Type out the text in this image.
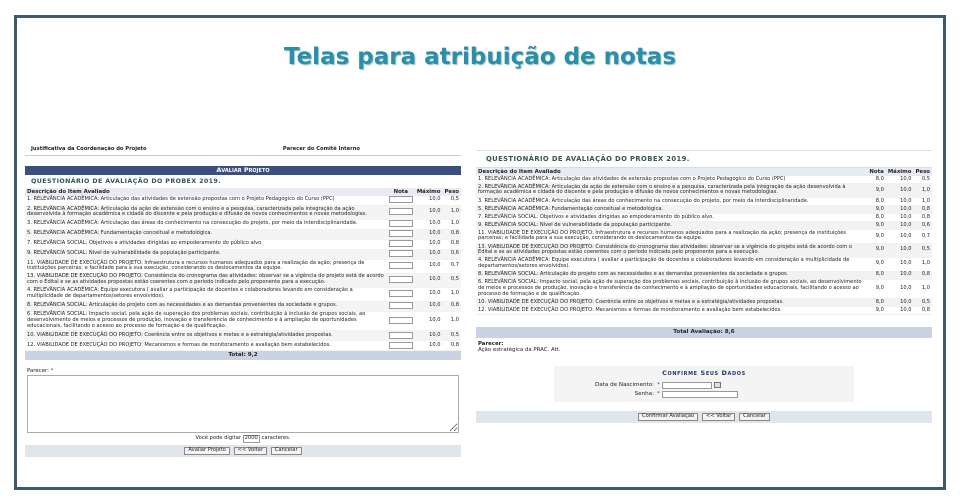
Telas para atribuição de notas
Justificativa da Coordenação do Projeto	Parecer do Comitê Interno
Avaliar Projeto
QUESTIONÁRIO DE AVALIAÇÃO DO PROBEX 2019.
Descrição do Item Avaliado	Nota	Máximo	Peso
1. RELEVÂNCIA ACADÊMICA: Articulação das atividades de extensão propostas com o Projeto Pedagógico do Curso (PPC)		10,0	0,5
2. RELEVÂNCIA ACADÊMICA: Articulação da ação de extensão com o ensino e a pesquisa, caracterizada pela integração da ação desenvolvida à formação acadêmica e cidadã do discente e pela produção e difusão de novos conhecimentos e novas metodologias.		10,0	1,0
3. RELEVÂNCIA ACADÊMICA: Articulação das áreas do conhecimento na consecução do projeto, por meio da interdisciplinaridade.		10,0	1,0
5. RELEVÂNCIA ACADÊMICA: Fundamentação conceitual e metodológica.		10,0	0,8
7. RELEVÂNCIA SOCIAL: Objetivos e atividades dirigidas ao empoderamento do público alvo.		10,0	0,8
9. RELEVÂNCIA SOCIAL: Nível de vulnerabilidade da população participante.		10,0	0,6
11. VIABILIDADE DE EXECUÇÃO DO PROJETO: Infraestrutura e recursos humanos adequados para a realização da ação; presença de instituições parceiras; e facilidade para a sua execução, considerando os deslocamentos da equipe.		10,0	0,7
13. VIABILIDADE DE EXECUÇÃO DO PROJETO: Consistência do cronograma das atividades: observar se a vigência do projeto está de acordo com o Edital e se as atividades propostas estão coerentes com o período indicado pelo proponente para a execução.		10,0	0,5
4. RELEVÂNCIA ACADÊMICA: Equipe executora ( avaliar a participação de docentes e colaboradores levando em consideração a multiplicidade de departamentos/setores envolvidos).		10,0	1,0
8. RELEVÂNCIA SOCIAL: Articulação do projeto com as necessidades e as demandas provenientes da sociedade e grupos.		10,0	0,8
6. RELEVÂNCIA SOCIAL: Impacto social, pela ação de superação dos problemas sociais, contribuição à inclusão de grupos sociais, ao desenvolvimento de meios e processos de produção, inovação e transferência de conhecimento e à ampliação de oportunidades educacionais, facilitando o acesso ao processo de formação e de qualificação.		10,0	1,0
10. VIABILIDADE DE EXECUÇÃO DO PROJETO: Coerência entre os objetivos e metas e a estratégia/atividades propostas.		10,0	0,5
12. VIABILIDADE DE EXECUÇÃO DO PROJETO: Mecanismos e formas de monitoramento e avaliação bem estabelecidos.		10,0	0,8
Total: 9,2
Parecer: *
Você pode digitar 2000 caracteres.
Avaliar Projeto << Voltar Cancelar
QUESTIONÁRIO DE AVALIAÇÃO DO PROBEX 2019.
Descrição do Item Avaliado	Nota	Máximo	Peso
1. RELEVÂNCIA ACADÊMICA: Articulação das atividades de extensão propostas com o Projeto Pedagógico do Curso (PPC)	8,0	10,0	0,5
2. RELEVÂNCIA ACADÊMICA: Articulação da ação de extensão com o ensino e a pesquisa, caracterizada pela integração da ação desenvolvida à formação acadêmica e cidadã do discente e pela produção e difusão de novos conhecimentos e novas metodologias.	9,0	10,0	1,0
3. RELEVÂNCIA ACADÊMICA: Articulação das áreas do conhecimento na consecução do projeto, por meio da interdisciplinaridade.	8,0	10,0	1,0
5. RELEVÂNCIA ACADÊMICA: Fundamentação conceitual e metodológica.	9,0	10,0	0,8
7. RELEVÂNCIA SOCIAL: Objetivos e atividades dirigidas ao empoderamento do público alvo.	8,0	10,0	0,8
9. RELEVÂNCIA SOCIAL: Nível de vulnerabilidade da população participante.	9,0	10,0	0,6
11. VIABILIDADE DE EXECUÇÃO DO PROJETO: Infraestrutura e recursos humanos adequados para a realização da ação; presença de instituições parceiras; e facilidade para a sua execução, considerando os deslocamentos da equipe.	9,0	10,0	0,7
13. VIABILIDADE DE EXECUÇÃO DO PROJETO: Consistência do cronograma das atividades: observar se a vigência do projeto está de acordo com o Edital e se as atividades propostas estão coerentes com o período indicado pelo proponente para a execução.	9,0	10,0	0,5
4. RELEVÂNCIA ACADÊMICA: Equipe executora ( avaliar a participação de docentes e colaboradores levando em consideração a multiplicidade de departamentos/setores envolvidos).	9,0	10,0	1,0
8. RELEVÂNCIA SOCIAL: Articulação do projeto com as necessidades e as demandas provenientes da sociedade e grupos.	8,0	10,0	0,8
6. RELEVÂNCIA SOCIAL: Impacto social, pela ação de superação dos problemas sociais, contribuição à inclusão de grupos sociais, ao desenvolvimento de meios e processos de produção, inovação e transferência de conhecimento e à ampliação de oportunidades educacionais, facilitando o acesso ao processo de formação e de qualificação.	9,0	10,0	1,0
10. VIABILIDADE DE EXECUÇÃO DO PROJETO: Coerência entre os objetivos e metas e a estratégia/atividades propostas.	8,0	10,0	0,5
12. VIABILIDADE DE EXECUÇÃO DO PROJETO: Mecanismos e formas de monitoramento e avaliação bem estabelecidos.	9,0	10,0	0,8
Total Avaliação: 8,6
Parecer:
Ação estratégica da PRAC. Att.
Confirme Seus Dados
Data de Nascimento: *
Senha: *
Confirmar Avaliação << Voltar Cancelar
